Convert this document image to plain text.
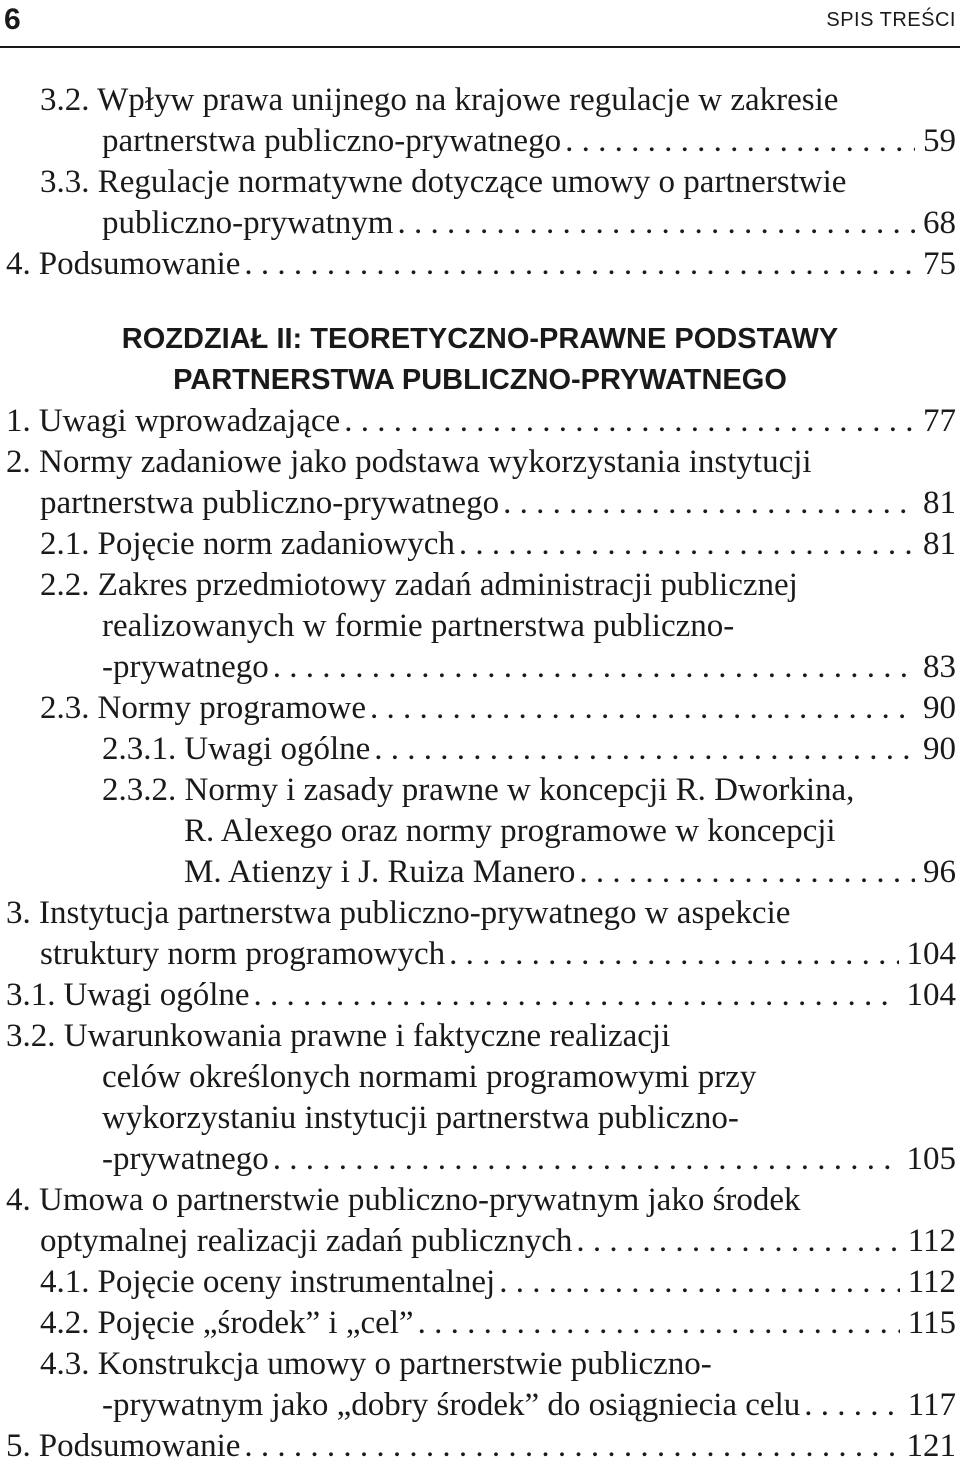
6	SPIS TREŚCI
3.2. Wpływ prawa unijnego na krajowe regulacje w zakresie
partnerstwa publiczno-prywatnego . . .	59
3.3. Regulacje normatywne dotyczące umowy o partnerstwie
publiczno-prywatnym . . .	68
4. Podsumowanie . . .	75
ROZDZIAŁ II: TEORETYCZNO-PRAWNE PODSTAWY
PARTNERSTWA PUBLICZNO-PRYWATNEGO
1. Uwagi wprowadzające . . .	77
2. Normy zadaniowe jako podstawa wykorzystania instytucji
partnerstwa publiczno-prywatnego . . .	81
2.1. Pojęcie norm zadaniowych . . .	81
2.2. Zakres przedmiotowy zadań administracji publicznej
realizowanych w formie partnerstwa publiczno-
-prywatnego . . .	83
2.3. Normy programowe . . .	90
2.3.1. Uwagi ogólne . . .	90
2.3.2. Normy i zasady prawne w koncepcji R. Dworkina,
R. Alexego oraz normy programowe w koncepcji
M. Atienzy i J. Ruiza Manero . . .	96
3. Instytucja partnerstwa publiczno-prywatnego w aspekcie
struktury norm programowych . . .	104
3.1. Uwagi ogólne . . .	104
3.2. Uwarunkowania prawne i faktyczne realizacji
celów określonych normami programowymi przy
wykorzystaniu instytucji partnerstwa publiczno-
-prywatnego . . .	105
4. Umowa o partnerstwie publiczno-prywatnym jako środek
optymalnej realizacji zadań publicznych . . .	112
4.1. Pojęcie oceny instrumentalnej . . .	112
4.2. Pojęcie „środek” i „cel” . . .	115
4.3. Konstrukcja umowy o partnerstwie publiczno-
-prywatnym jako „dobry środek” do osiągniecia celu . . .	117
5. Podsumowanie . . .	121
